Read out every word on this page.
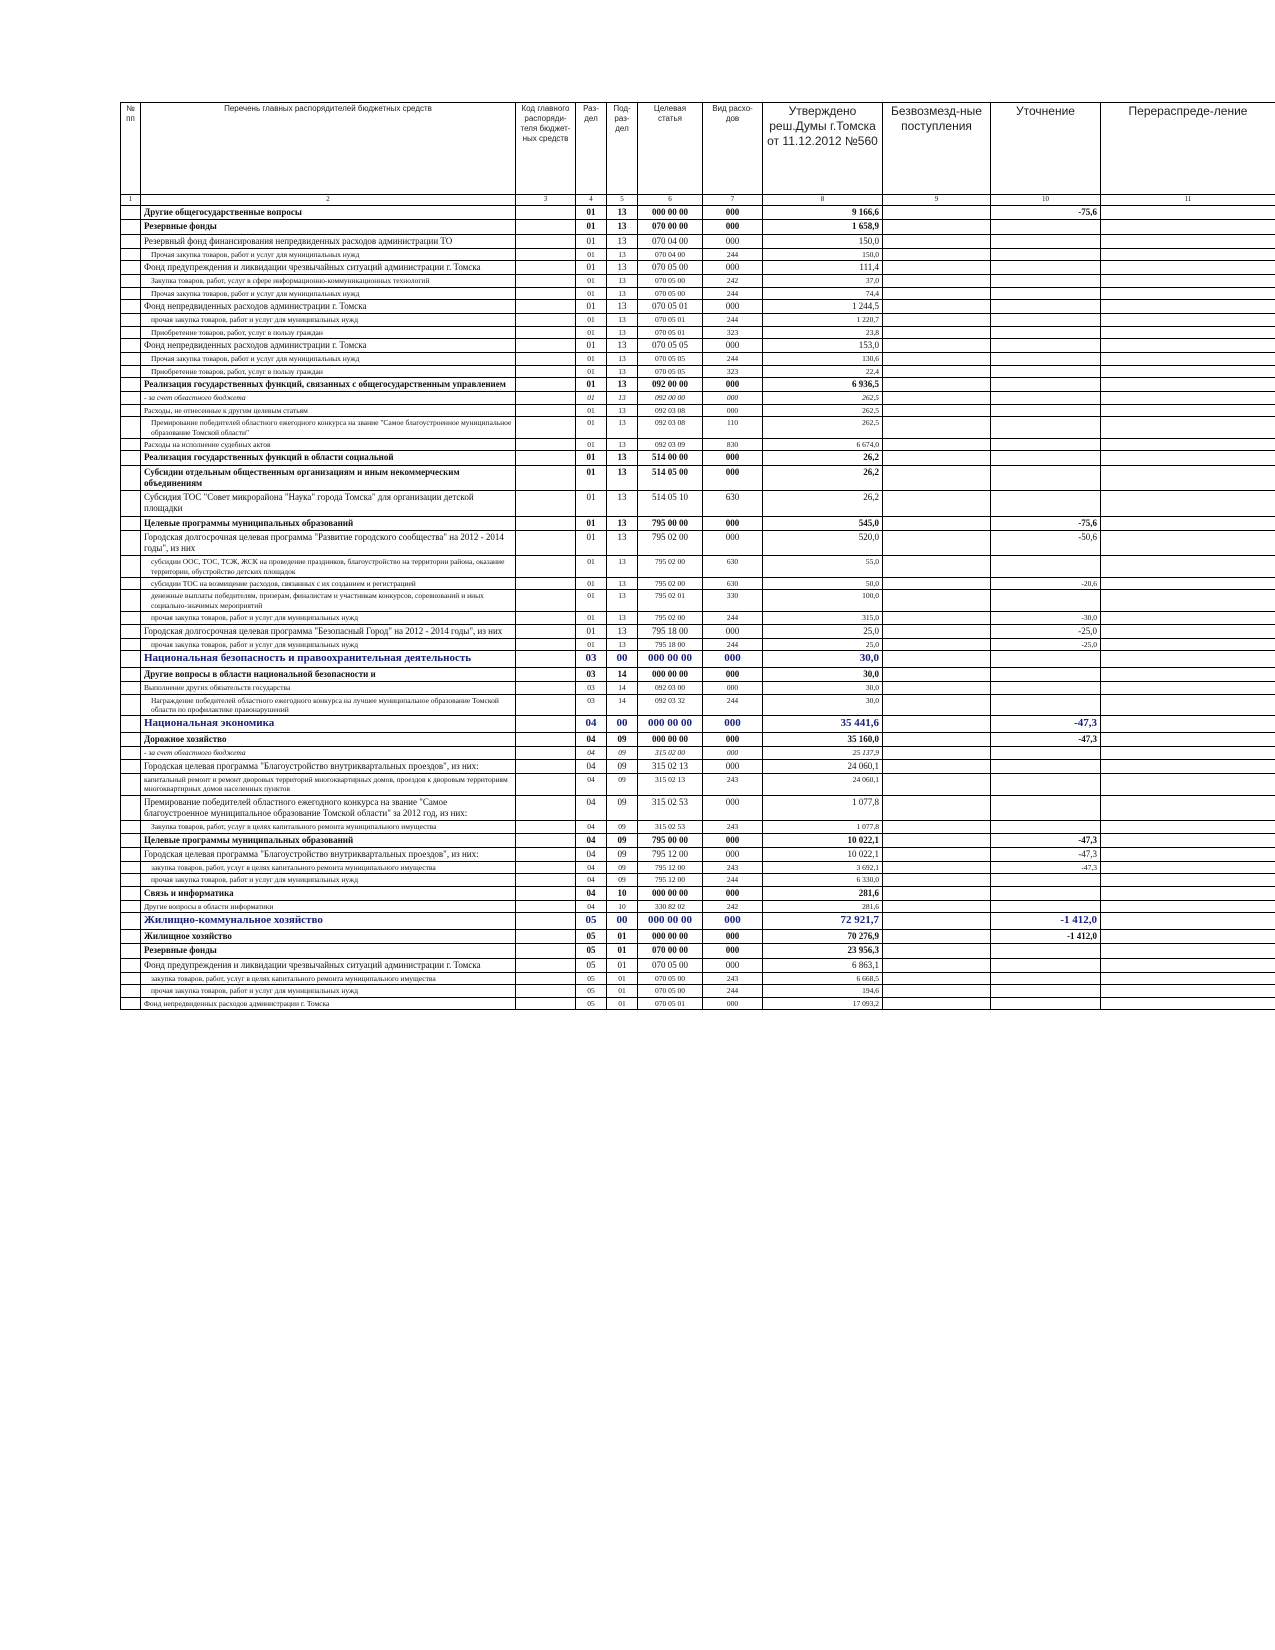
№ пп	Перечень главных распорядителей бюджетных средств	Код главного распоряди-теля бюджет-ных средств	Раз-дел	Под-раз-дел	Целевая статья	Вид расхо-дов	Утверждено реш.Думы г.Томска от 11.12.2012 №560	Безвозмезд-ные поступления	Уточнение	Перераспреде-ление
1	2	3	4	5	6	7	8	9	10	11
	Другие общегосударственные вопросы		01	13	000 00 00	000	9 166,6		-75,6	
	Резервные фонды		01	13	070 00 00	000	1 658,9			
	Резервный фонд финансирования непредвиденных расходов администрации ТО		01	13	070 04 00	000	150,0			
	Прочая закупка товаров, работ и услуг для муниципальных нужд		01	13	070 04 00	244	150,0			
	Фонд предупреждения и ликвидации чрезвычайных ситуаций администрации г. Томска		01	13	070 05 00	000	111,4			
	Закупка товаров, работ, услуг в сфере информационно-коммуникационных технологий		01	13	070 05 00	242	37,0			
	Прочая закупка товаров, работ и услуг для муниципальных нужд		01	13	070 05 00	244	74,4			
	Фонд непредвиденных расходов администрации г. Томска		01	13	070 05 01	000	1 244,5			
	прочая закупка товаров, работ и услуг для муниципальных нужд		01	13	070 05 01	244	1 220,7			
	Приобретение товаров, работ, услуг в пользу граждан		01	13	070 05 01	323	23,8			
	Фонд непредвиденных расходов администрации г. Томска		01	13	070 05 05	000	153,0			
	Прочая закупка товаров, работ и услуг для муниципальных нужд		01	13	070 05 05	244	130,6			
	Приобретение товаров, работ, услуг в пользу граждан		01	13	070 05 05	323	22,4			
	Реализация государственных функций, связанных с общегосударственным управлением		01	13	092 00 00	000	6 936,5			
	- за счет областного бюджета		01	13	092 00 00	000	262,5			
	Расходы, не отнесенные к другим целевым статьям		01	13	092 03 08	000	262,5			
	Премирование победителей областного ежегодного конкурса на звание "Самое благоустроенное муниципальное образование Томской области"		01	13	092 03 08	110	262,5			
	Расходы на исполнение судебных актов		01	13	092 03 09	830	6 674,0			
	Реализация государственных функций в области социальной		01	13	514 00 00	000	26,2			
	Субсидии отдельным общественным организациям и иным некоммерческим объединениям		01	13	514 05 00	000	26,2			
	Субсидия ТОС "Совет микрорайона "Наука" города Томска" для организации детской площадки		01	13	514 05 10	630	26,2			
	Целевые программы муниципальных образований		01	13	795 00 00	000	545,0		-75,6	
	Городская долгосрочная целевая программа "Развитие городского сообщества" на 2012 - 2014 годы", из них		01	13	795 02 00	000	520,0		-50,6	
	субсидии ООС, ТОС, ТСЖ, ЖСК на проведение праздников, благоустройство на территории района, оказание территории, обустройство детских площадок		01	13	795 02 00	630	55,0			
	субсидии ТОС на возмещение расходов, связанных с их созданием и регистрацией		01	13	795 02 00	630	50,0		-20,6	
	денежные выплаты победителям, призерам, финалистам и участникам конкурсов, соревнований и иных социально-значимых мероприятий		01	13	795 02 01	330	100,0			
	прочая закупка товаров, работ и услуг для муниципальных нужд		01	13	795 02 00	244	315,0		-30,0	
	Городская долгосрочная целевая программа "Безопасный Город" на 2012 - 2014 годы", из них		01	13	795 18 00	000	25,0		-25,0	
	прочая закупка товаров, работ и услуг для муниципальных нужд		01	13	795 18 00	244	25,0		-25,0	
	Национальная безопасность и правоохранительная деятельность		03	00	000 00 00	000	30,0			
	Другие вопросы в области национальной безопасности и		03	14	000 00 00	000	30,0			
	Выполнение других обязательств государства		03	14	092 03 00	000	30,0			
	Награждение победителей областного ежегодного конкурса на лучшее муниципальное образование Томской области по профилактике правонарушений		03	14	092 03 32	244	30,0			
	Национальная экономика		04	00	000 00 00	000	35 441,6		-47,3	
	Дорожное хозяйство		04	09	000 00 00	000	35 160,0		-47,3	
	- за счет областного бюджета		04	09	315 02 00	000	25 137,9			
	Городская целевая программа "Благоустройство внутриквартальных проездов", из них:		04	09	315 02 13	000	24 060,1			
	капитальный ремонт и ремонт дворовых территорий многоквартирных домов, проездов к дворовым территориям многоквартирных домов населенных пунктов		04	09	315 02 13	243	24 060,1			
	Премирование победителей областного ежегодного конкурса на звание "Самое благоустроенное муниципальное образование Томской области" за 2012 год, из них:		04	09	315 02 53	000	1 077,8			
	Закупка товаров, работ, услуг в целях капитального ремонта муниципального имущества		04	09	315 02 53	243	1 077,8			
	Целевые программы муниципальных образований		04	09	795 00 00	000	10 022,1		-47,3	
	Городская целевая программа "Благоустройство внутриквартальных проездов", из них:		04	09	795 12 00	000	10 022,1		-47,3	
	закупка товаров, работ, услуг в целях капитального ремонта муниципального имущества		04	09	795 12 00	243	3 692,1		-47,3	
	прочая закупка товаров, работ и услуг для муниципальных нужд		04	09	795 12 00	244	6 330,0			
	Связь и информатика		04	10	000 00 00	000	281,6			
	Другие вопросы в области информатики		04	10	330 82 02	242	281,6			
	Жилищно-коммунальное хозяйство		05	00	000 00 00	000	72 921,7		-1 412,0	
	Жилищное хозяйство		05	01	000 00 00	000	70 276,9		-1 412,0	
	Резервные фонды		05	01	070 00 00	000	23 956,3			
	Фонд предупреждения и ликвидации чрезвычайных ситуаций администрации г. Томска		05	01	070 05 00	000	6 863,1			
	закупка товаров, работ, услуг в целях капитального ремонта муниципального имущества		05	01	070 05 00	243	6 668,5			
	прочая закупка товаров, работ и услуг для муниципальных нужд		05	01	070 05 00	244	194,6			
	Фонд непредвиденных расходов администрации г. Томска		05	01	070 05 01	000	17 093,2			
